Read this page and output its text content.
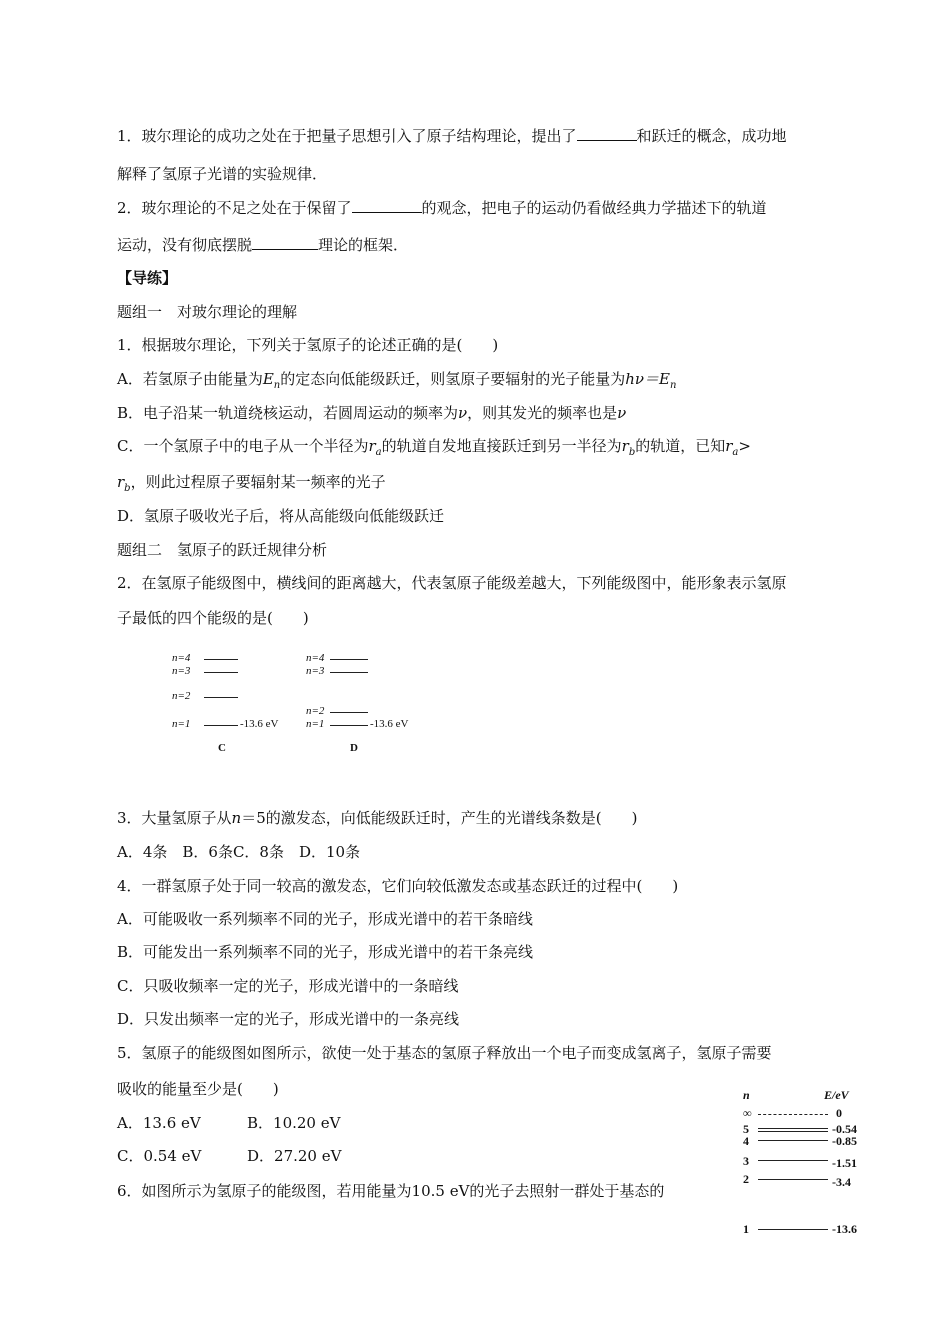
1．玻尔理论的成功之处在于把量子思想引入了原子结构理论，提出了	和跃迁的概念，成功地
解释了氢原子光谱的实验规律．
2．玻尔理论的不足之处在于保留了	的观念，把电子的运动仍看做经典力学描述下的轨道
运动，没有彻底摆脱	理论的框架．
【导练】
题组一　对玻尔理论的理解
1．根据玻尔理论，下列关于氢原子的论述正确的是(　　)
A．若氢原子由能量为$E_n$的定态向低能级跃迁，则氢原子要辐射的光子能量为$h\nu=E_n$
B．电子沿某一轨道绕核运动，若圆周运动的频率为ν，则其发光的频率也是ν
C．一个氢原子中的电子从一个半径为$r_a$的轨道自发地直接跃迁到另一半径为$r_b$的轨道，已知$r_a>$
$r_b$，则此过程原子要辐射某一频率的光子
D．氢原子吸收光子后，将从高能级向低能级跃迁
题组二　氢原子的跃迁规律分析
2．在氢原子能级图中，横线间的距离越大，代表氢原子能级差越大，下列能级图中，能形象表示氢原
子最低的四个能级的是(　　)
n=4
n=3
n=2
n=1	-13.6 eV
C
n=4
n=3
n=2
n=1	-13.6 eV
D
3．大量氢原子从n＝5的激发态，向低能级跃迁时，产生的光谱线条数是(　　)
A．4条　B．6条C．8条　D．10条
4．一群氢原子处于同一较高的激发态，它们向较低激发态或基态跃迁的过程中(　　)
A．可能吸收一系列频率不同的光子，形成光谱中的若干条暗线
B．可能发出一系列频率不同的光子，形成光谱中的若干条亮线
C．只吸收频率一定的光子，形成光谱中的一条暗线
D．只发出频率一定的光子，形成光谱中的一条亮线
5．氢原子的能级图如图所示，欲使一处于基态的氢原子释放出一个电子而变成氢离子，氢原子需要
吸收的能量至少是(　　)
A．13.6 eV	B．10.20 eV
C．0.54 eV	D．27.20 eV
6．如图所示为氢原子的能级图，若用能量为10.5 eV的光子去照射一群处于基态的
n	E/eV
∞	0
5	-0.54
4	-0.85
3	-1.51
2	-3.4
1	-13.6
